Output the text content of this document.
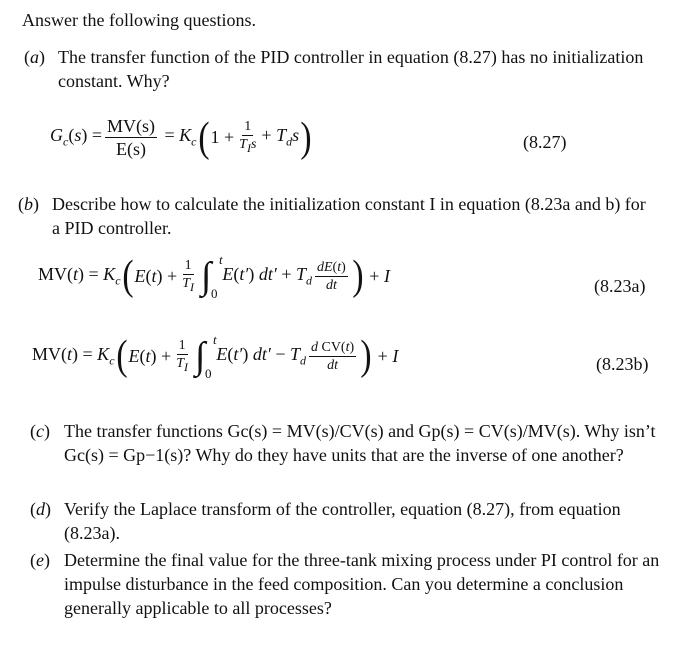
Answer the following questions.
(a) The transfer function of the PID controller in equation (8.27) has no initialization constant. Why?
$G_c(s) = \frac{MV(s)}{E(s)} = K_c$ ( $1 + \frac{1}{T_Is} + T_ds$ )	(8.27)
(b) Describe how to calculate the initialization constant I in equation (8.23a and b) for a PID controller.
$MV(t) = K_c$ ( $E(t) + \frac{1}{T_I}$ ∫ t
0
E(t′) $dt' + T_d \frac{dE(t)}{dt}$ ) + I
(8.23a)
$MV(t) = K_c$ ( $E(t) + \frac{1}{T_I}$ ∫ t
0
E(t′) $dt' - T_d \frac{\text{d CV(t)}}{dt}$ ) + I	(8.23b)
(c) The transfer functions Gc(s) = MV(s)/CV(s) and Gp(s) = CV(s)/MV(s). Why isn’t Gc(s) = Gp−1(s)? Why do they have units that are the inverse of one another?
(d) Verify the Laplace transform of the controller, equation (8.27), from equation (8.23a).
(e) Determine the final value for the three-tank mixing process under PI control for an impulse disturbance in the feed composition. Can you determine a conclusion generally applicable to all processes?
